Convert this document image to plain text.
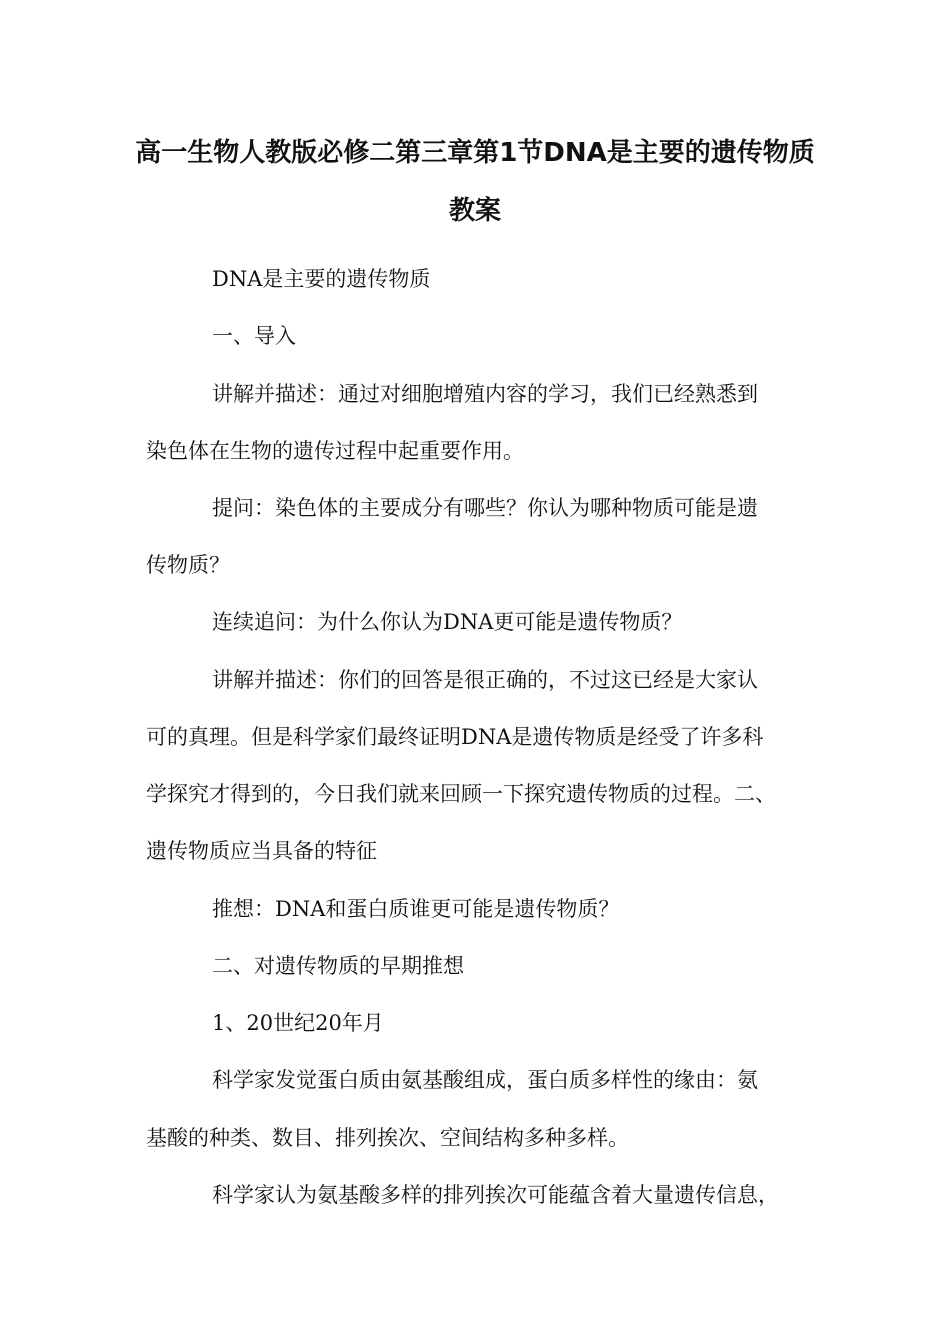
高一生物人教版必修二第三章第1节DNA是主要的遗传物质
教案
DNA是主要的遗传物质
一、导入
讲解并描述：通过对细胞增殖内容的学习，我们已经熟悉到
染色体在生物的遗传过程中起重要作用。
提问：染色体的主要成分有哪些？你认为哪种物质可能是遗
传物质？
连续追问：为什么你认为DNA更可能是遗传物质？
讲解并描述：你们的回答是很正确的，不过这已经是大家认
可的真理。但是科学家们最终证明DNA是遗传物质是经受了许多科
学探究才得到的，今日我们就来回顾一下探究遗传物质的过程。二、
遗传物质应当具备的特征
推想：DNA和蛋白质谁更可能是遗传物质？
二、对遗传物质的早期推想
1、20世纪20年月
科学家发觉蛋白质由氨基酸组成，蛋白质多样性的缘由：氨
基酸的种类、数目、排列挨次、空间结构多种多样。
科学家认为氨基酸多样的排列挨次可能蕴含着大量遗传信息，
